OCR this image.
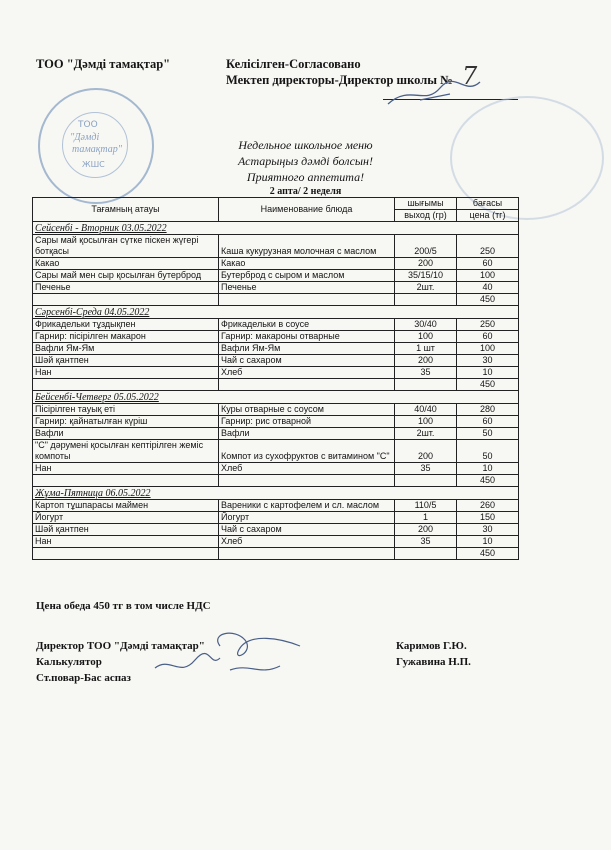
ТОО "Дәмді тамақтар"	Келісілген-Согласовано
Мектеп директоры-Директор школы № 7
ТОО
"Дәмді
тамақтар"
ЖШС
Недельное школьное меню
Астарыңыз дәмді болсын!
Приятного аппетита!
2 апта/ 2 неделя
Тағамның атауы	Наименование блюда	шығымы	бағасы
		выход (гр)	цена (тг)
Сейсенбі - Вторник 03.05.2022			
Сары май қосылған сүтке піскен жүгері ботқасы	Каша кукурузная молочная с маслом	200/5	250
Какао	Какао	200	60
Сары май мен сыр қосылған бутерброд	Бутерброд с сыром и маслом	35/15/10	100
Печенье	Печенье	2шт.	40
			450
Сәрсенбі-Среда 04.05.2022			
Фрикадельки тұздықпен	Фрикадельки в соусе	30/40	250
Гарнир: пісірілген макарон	Гарнир: макароны отварные	100	60
Вафли Ям-Ям	Вафли Ям-Ям	1 шт	100
Шәй қантпен	Чай с сахаром	200	30
Нан	Хлеб	35	10
			450
Бейсенбі-Четверг 05.05.2022			
Пісірілген тауық еті	Куры отварные с соусом	40/40	280
Гарнир: қайнатылған күріш	Гарнир: рис отварной	100	60
Вафли	Вафли	2шт.	50
"С" дәрумені қосылған кептірілген жеміс компоты	Компот из сухофруктов с витамином "С"	200	50
Нан	Хлеб	35	10
			450
Жұма-Пятница 06.05.2022			
Картоп тұшпарасы маймен	Вареники с картофелем и сл. маслом	110/5	260
Йогурт	Йогурт	1	150
Шәй қантпен	Чай с сахаром	200	30
Нан	Хлеб	35	10
			450
Цена обеда 450 тг в том числе НДС
Директор ТОО "Дәмді тамақтар"
Калькулятор
Ст.повар-Бас аспаз
Каримов Г.Ю.
Гужавина Н.П.
